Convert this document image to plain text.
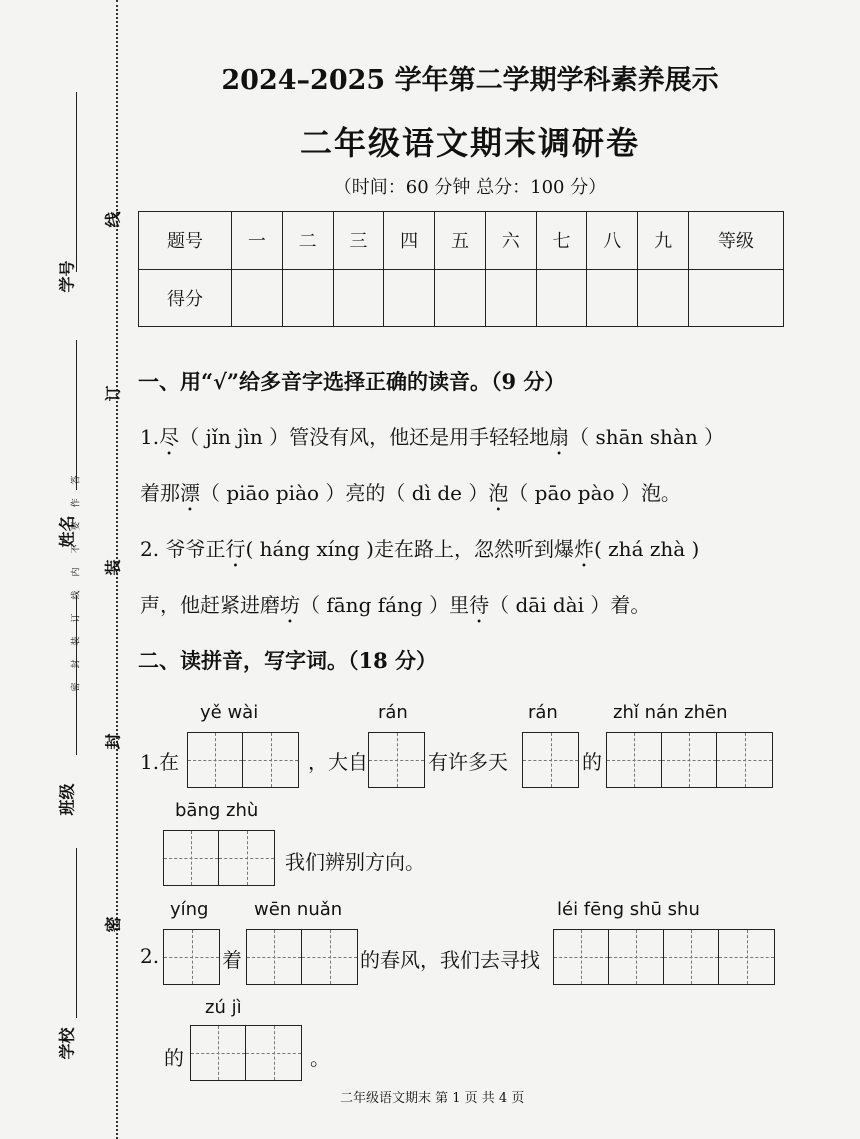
学号
姓名
班级
学校
线
订
装
封
密
密封装订线内不要作答
2024–2025 学年第二学期学科素养展示
二年级语文期末调研卷
（时间：60 分钟 总分：100 分）
题号	一	二	三	四	五	六	七	八	九	等级
得分										
一、用“√”给多音字选择正确的读音。（9 分）
1.尽（ jǐn jìn ）管没有风，他还是用手轻轻地扇（ shān shàn ）
着那漂（ piāo piào ）亮的（ dì de ）泡（ pāo pào ）泡。
2. 爷爷正行( háng xíng )走在路上，忽然听到爆炸( zhá zhà )
声，他赶紧进磨坊（ fāng fáng ）里待（ dāi dài ）着。
二、读拼音，写字词。（18 分）
yě wài	rán	rán	zhǐ nán zhēn
1.在	，大自	有许多天	的
bāng zhù
我们辨别方向。
yíng	wēn nuǎn	léi fēng shū shu
2.	着	的春风，我们去寻找
zú jì
的	。
二年级语文期末 第 1 页 共 4 页
